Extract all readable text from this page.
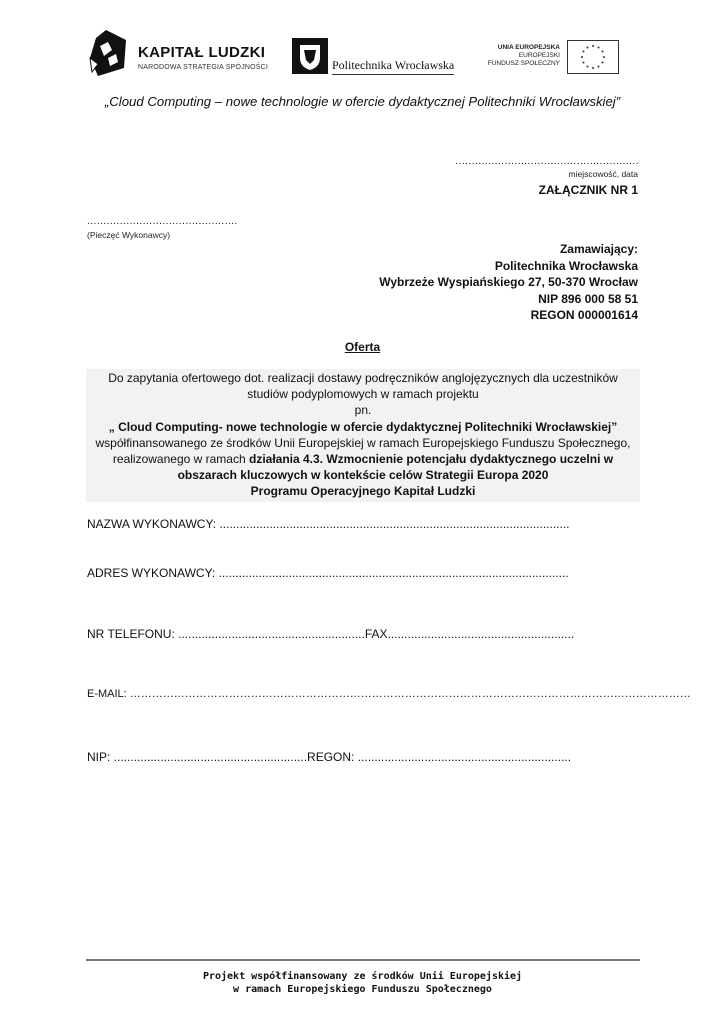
KAPITAŁ LUDZKI
NARODOWA STRATEGIA SPÓJNOŚCI	Politechnika Wrocławska
UNIA EUROPEJSKA
EUROPEJSKI
FUNDUSZ SPOŁECZNY
„Cloud Computing – nowe technologie w ofercie dydaktycznej Politechniki Wrocławskiej”
........................................................
miejscowość, data
ZAŁĄCZNIK NR 1
..............................................
(Pieczęć Wykonawcy)
Zamawiający:
Politechnika Wrocławska
Wybrzeże Wyspiańskiego 27, 50-370 Wrocław
NIP 896 000 58 51
REGON 000001614
Oferta
Do zapytania ofertowego dot. realizacji dostawy podręczników anglojęzycznych dla uczestników
studiów podyplomowych w ramach projektu
pn.
„ Cloud Computing- nowe technologie w ofercie dydaktycznej Politechniki Wrocławskiej”
współfinansowanego ze środków Unii Europejskiej w ramach Europejskiego Funduszu Społecznego,
realizowanego w ramach działania 4.3. Wzmocnienie potencjału dydaktycznego uczelni w
obszarach kluczowych w kontekście celów Strategii Europa 2020
Programu Operacyjnego Kapitał Ludzki
NAZWA WYKONAWCY: .........................................................................................................
ADRES WYKONAWCY: .........................................................................................................
NR TELEFONU: ........................................................FAX........................................................
E-MAIL: ………………………………………………………………………………………………………………………………………
NIP: ..........................................................REGON: ................................................................
Projekt współfinansowany ze środków Unii Europejskiej
w ramach Europejskiego Funduszu Społecznego
